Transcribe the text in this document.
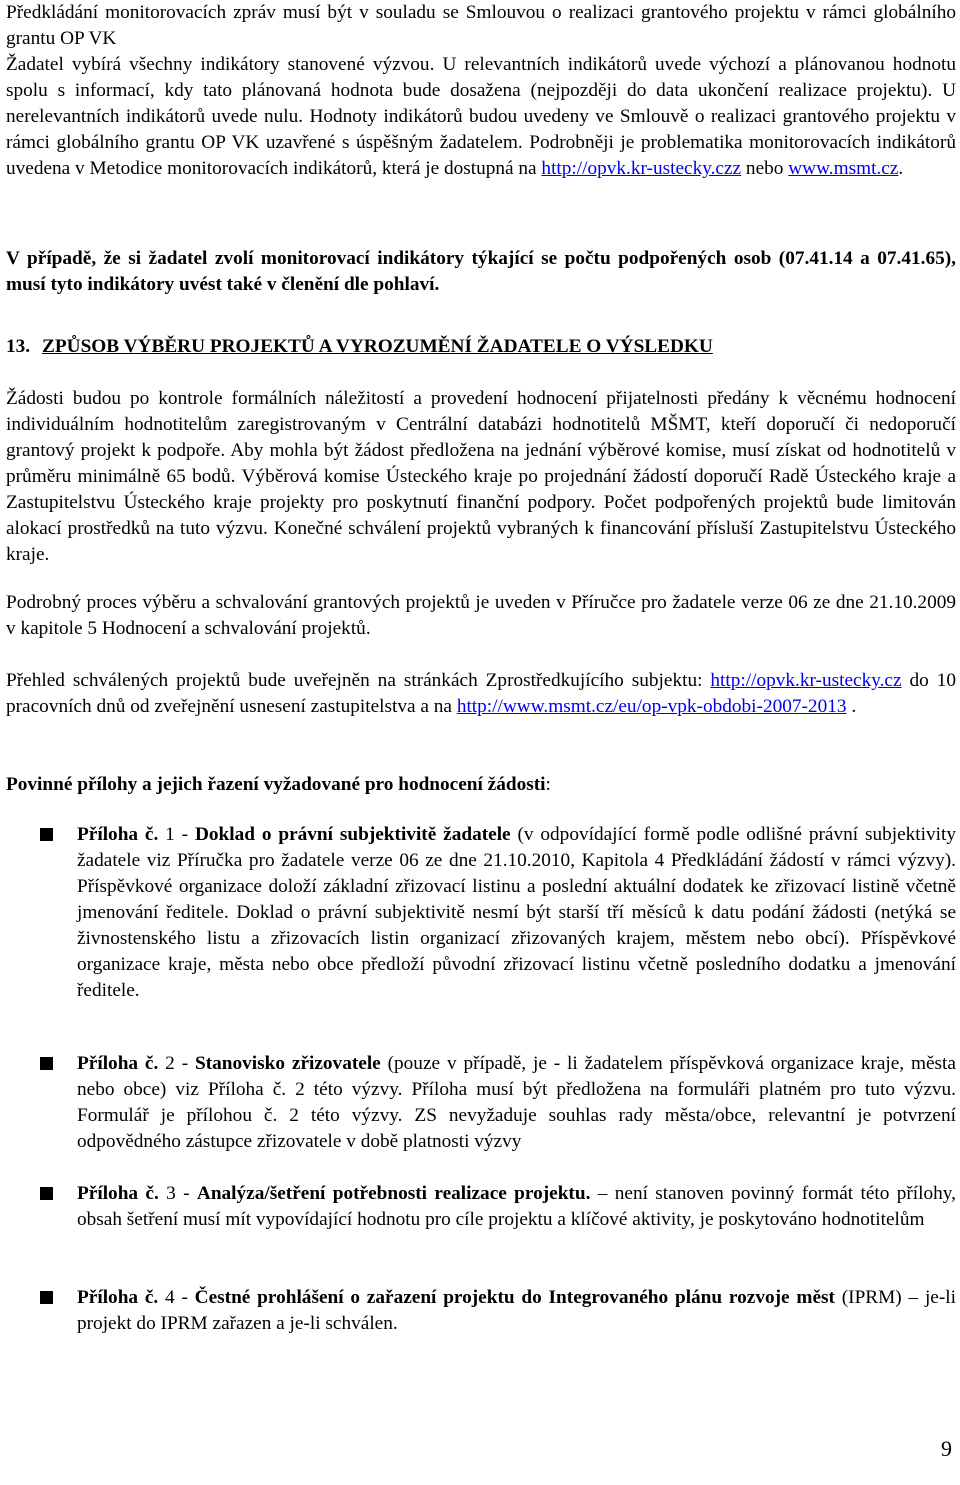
Předkládání monitorovacích zpráv musí být v souladu se Smlouvou o realizaci grantového projektu v rámci globálního grantu OP VK

Žadatel vybírá všechny indikátory stanovené výzvou. U relevantních indikátorů uvede výchozí a plánovanou hodnotu spolu s informací, kdy tato plánovaná hodnota bude dosažena (nejpozději do data ukončení realizace projektu). U nerelevantních indikátorů uvede nulu. Hodnoty indikátorů budou uvedeny ve Smlouvě o realizaci grantového projektu v rámci globálního grantu OP VK uzavřené s úspěšným žadatelem. Podrobněji je problematika monitorovacích indikátorů uvedena v Metodice monitorovacích indikátorů, která je dostupná na http://opvk.kr-ustecky.czz nebo www.msmt.cz.

V případě, že si žadatel zvolí monitorovací indikátory týkající se počtu podpořených osob (07.41.14 a 07.41.65), musí tyto indikátory uvést také v členění dle pohlaví.

13. ZPŮSOB VÝBĚRU PROJEKTŮ A VYROZUMĚNÍ ŽADATELE O VÝSLEDKU

Žádosti budou po kontrole formálních náležitostí a provedení hodnocení přijatelnosti předány k věcnému hodnocení individuálním hodnotitelům zaregistrovaným v Centrální databázi hodnotitelů MŠMT, kteří doporučí či nedoporučí grantový projekt k podpoře. Aby mohla být žádost předložena na jednání výběrové komise, musí získat od hodnotitelů v průměru minimálně 65 bodů. Výběrová komise Ústeckého kraje po projednání žádostí doporučí Radě Ústeckého kraje a Zastupitelstvu Ústeckého kraje projekty pro poskytnutí finanční podpory. Počet podpořených projektů bude limitován alokací prostředků na tuto výzvu. Konečné schválení projektů vybraných k financování přísluší Zastupitelstvu Ústeckého kraje.

Podrobný proces výběru a schvalování grantových projektů je uveden v Příručce pro žadatele verze 06 ze dne 21.10.2009 v kapitole 5 Hodnocení a schvalování projektů.

Přehled schválených projektů bude uveřejněn na stránkách Zprostředkujícího subjektu: http://opvk.kr-ustecky.cz do 10 pracovních dnů od zveřejnění usnesení zastupitelstva a na http://www.msmt.cz/eu/op-vpk-obdobi-2007-2013 .

Povinné přílohy a jejich řazení vyžadované pro hodnocení žádosti:

Příloha č. 1 - Doklad o právní subjektivitě žadatele (v odpovídající formě podle odlišné právní subjektivity žadatele viz Příručka pro žadatele verze 06 ze dne 21.10.2010, Kapitola 4 Předkládání žádostí v rámci výzvy). Příspěvkové organizace doloží základní zřizovací listinu a poslední aktuální dodatek ke zřizovací listině včetně jmenování ředitele. Doklad o právní subjektivitě nesmí být starší tří měsíců k datu podání žádosti (netýká se živnostenského listu a zřizovacích listin organizací zřizovaných krajem, městem nebo obcí). Příspěvkové organizace kraje, města nebo obce předloží původní zřizovací listinu včetně posledního dodatku a jmenování ředitele.

Příloha č. 2 - Stanovisko zřizovatele (pouze v případě, je - li žadatelem příspěvková organizace kraje, města nebo obce) viz Příloha č. 2 této výzvy. Příloha musí být předložena na formuláři platném pro tuto výzvu. Formulář je přílohou č. 2 této výzvy. ZS nevyžaduje souhlas rady města/obce, relevantní je potvrzení odpovědného zástupce zřizovatele v době platnosti výzvy

Příloha č. 3 - Analýza/šetření potřebnosti realizace projektu. – není stanoven povinný formát této přílohy, obsah šetření musí mít vypovídající hodnotu pro cíle projektu a klíčové aktivity, je poskytováno hodnotitelům

Příloha č. 4 - Čestné prohlášení o zařazení projektu do Integrovaného plánu rozvoje měst (IPRM) – je-li projekt do IPRM zařazen a je-li schválen.

9
